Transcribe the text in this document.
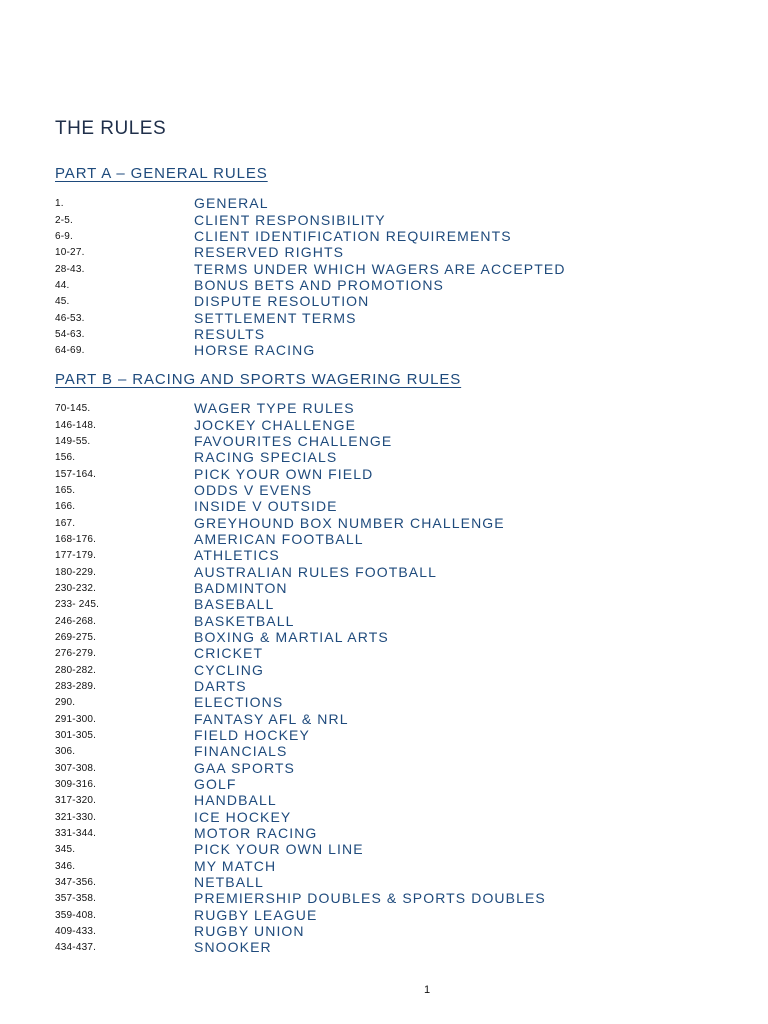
THE RULES
PART A – GENERAL RULES
1.	GENERAL
2-5.	CLIENT RESPONSIBILITY
6-9.	CLIENT IDENTIFICATION REQUIREMENTS
10-27.	RESERVED RIGHTS
28-43.	TERMS UNDER WHICH WAGERS ARE ACCEPTED
44.	BONUS BETS AND PROMOTIONS
45.	DISPUTE RESOLUTION
46-53.	SETTLEMENT TERMS
54-63.	RESULTS
64-69.	HORSE RACING
PART B – RACING AND SPORTS WAGERING RULES
70-145.	WAGER TYPE RULES
146-148.	JOCKEY CHALLENGE
149-55.	FAVOURITES CHALLENGE
156.	RACING SPECIALS
157-164.	PICK YOUR OWN FIELD
165.	ODDS V EVENS
166.	INSIDE V OUTSIDE
167.	GREYHOUND BOX NUMBER CHALLENGE
168-176.	AMERICAN FOOTBALL
177-179.	ATHLETICS
180-229.	AUSTRALIAN RULES FOOTBALL
230-232.	BADMINTON
233- 245.	BASEBALL
246-268.	BASKETBALL
269-275.	BOXING & MARTIAL ARTS
276-279.	CRICKET
280-282.	CYCLING
283-289.	DARTS
290.	ELECTIONS
291-300.	FANTASY AFL & NRL
301-305.	FIELD HOCKEY
306.	FINANCIALS
307-308.	GAA SPORTS
309-316.	GOLF
317-320.	HANDBALL
321-330.	ICE HOCKEY
331-344.	MOTOR RACING
345.	PICK YOUR OWN LINE
346.	MY MATCH
347-356.	NETBALL
357-358.	PREMIERSHIP DOUBLES & SPORTS DOUBLES
359-408.	RUGBY LEAGUE
409-433.	RUGBY UNION
434-437.	SNOOKER
1
